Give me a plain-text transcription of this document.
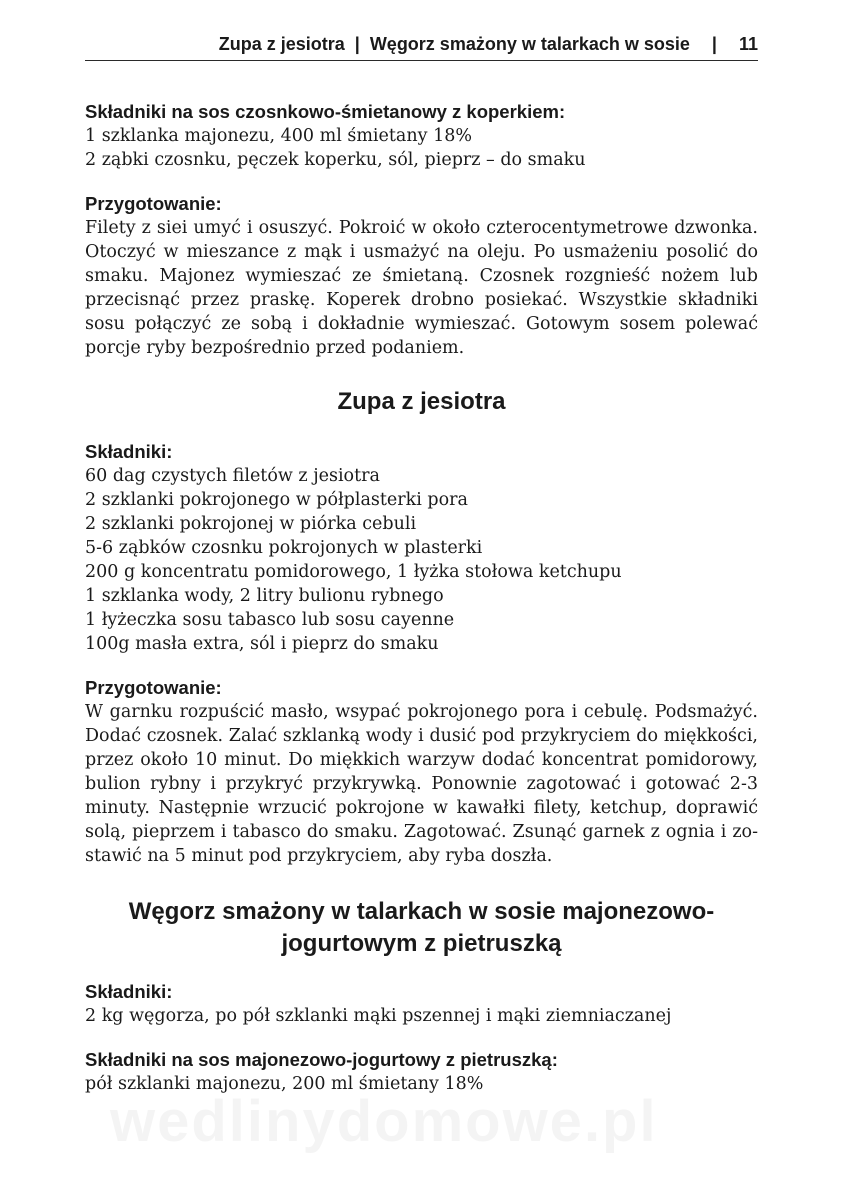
Zupa z jesiotra | Węgorz smażony w talarkach w sosie | 11

Składniki na sos czosnkowo-śmietanowy z koperkiem:

1 szklanka majonezu, 400 ml śmietany 18%

2 ząbki czosnku, pęczek koperku, sól, pieprz – do smaku

Przygotowanie:

Filety z siei umyć i osuszyć. Pokroić w około czterocentymetrowe dzwonka.
Otoczyć w mieszance z mąk i usmażyć na oleju. Po usmażeniu posolić do
smaku. Majonez wymieszać ze śmietaną. Czosnek rozgnieść nożem lub
przecisnąć przez praskę. Koperek drobno posiekać. Wszystkie składniki
sosu połączyć ze sobą i dokładnie wymieszać. Gotowym sosem polewać
porcje ryby bezpośrednio przed podaniem.

Zupa z jesiotra

Składniki:

60 dag czystych filetów z jesiotra

2 szklanki pokrojonego w półplasterki pora

2 szklanki pokrojonej w piórka cebuli

5-6 ząbków czosnku pokrojonych w plasterki

200 g koncentratu pomidorowego, 1 łyżka stołowa ketchupu

1 szklanka wody, 2 litry bulionu rybnego

1 łyżeczka sosu tabasco lub sosu cayenne

100g masła extra, sól i pieprz do smaku

Przygotowanie:

W garnku rozpuścić masło, wsypać pokrojonego pora i cebulę. Podsmażyć.
Dodać czosnek. Zalać szklanką wody i dusić pod przykryciem do miękkości,
przez około 10 minut. Do miękkich warzyw dodać koncentrat pomidorowy,
bulion rybny i przykryć przykrywką. Ponownie zagotować i gotować 2-3
minuty. Następnie wrzucić pokrojone w kawałki filety, ketchup, doprawić
solą, pieprzem i tabasco do smaku. Zagotować. Zsunąć garnek z ognia i zo-
stawić na 5 minut pod przykryciem, aby ryba doszła.

Węgorz smażony w talarkach w sosie majonezowo-

jogurtowym z pietruszką

Składniki:

2 kg węgorza, po pół szklanki mąki pszennej i mąki ziemniaczanej

Składniki na sos majonezowo-jogurtowy z pietruszką:

pół szklanki majonezu, 200 ml śmietany 18%
